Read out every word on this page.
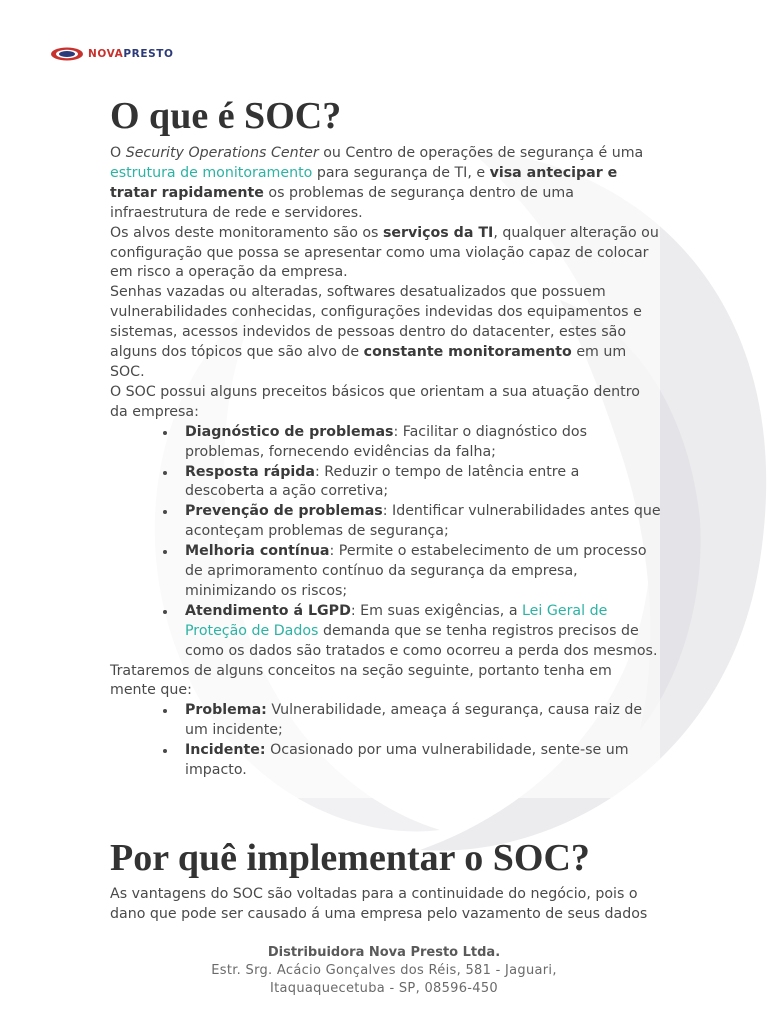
NOVAPRESTO
O que é SOC?

O Security Operations Center ou Centro de operações de segurança é uma estrutura de monitoramento para segurança de TI, e visa antecipar e tratar rapidamente os problemas de segurança dentro de uma infraestrutura de rede e servidores.

Os alvos deste monitoramento são os serviços da TI, qualquer alteração ou configuração que possa se apresentar como uma violação capaz de colocar em risco a operação da empresa.

Senhas vazadas ou alteradas, softwares desatualizados que possuem vulnerabilidades conhecidas, configurações indevidas dos equipamentos e sistemas, acessos indevidos de pessoas dentro do datacenter, estes são alguns dos tópicos que são alvo de constante monitoramento em um SOC.

O SOC possui alguns preceitos básicos que orientam a sua atuação dentro da empresa:

Diagnóstico de problemas: Facilitar o diagnóstico dos problemas, fornecendo evidências da falha;
Resposta rápida: Reduzir o tempo de latência entre a descoberta a ação corretiva;
Prevenção de problemas: Identificar vulnerabilidades antes que aconteçam problemas de segurança;
Melhoria contínua: Permite o estabelecimento de um processo de aprimoramento contínuo da segurança da empresa, minimizando os riscos;
Atendimento á LGPD: Em suas exigências, a Lei Geral de Proteção de Dados demanda que se tenha registros precisos de como os dados são tratados e como ocorreu a perda dos mesmos.

Trataremos de alguns conceitos na seção seguinte, portanto tenha em mente que:

Problema: Vulnerabilidade, ameaça á segurança, causa raiz de um incidente;
Incidente: Ocasionado por uma vulnerabilidade, sente-se um impacto.
Por quê implementar o SOC?

As vantagens do SOC são voltadas para a continuidade do negócio, pois o dano que pode ser causado á uma empresa pelo vazamento de seus dados

Distribuidora Nova Presto Ltda.
Estr. Srg. Acácio Gonçalves dos Réis, 581 - Jaguari,
Itaquaquecetuba - SP, 08596-450
